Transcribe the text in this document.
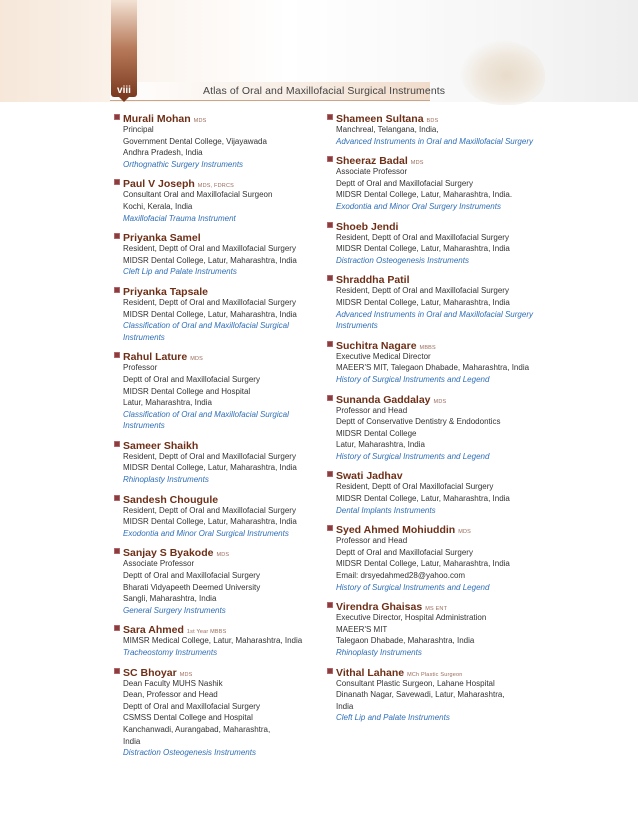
viii	Atlas of Oral and Maxillofacial Surgical Instruments
Murali Mohan MDS
Principal
Government Dental College, Vijayawada
Andhra Pradesh, India
Orthognathic Surgery Instruments
Paul V Joseph MDS, FDRCS
Consultant Oral and Maxillofacial Surgeon
Kochi, Kerala, India
Maxillofacial Trauma Instrument
Priyanka Samel
Resident, Deptt of Oral and Maxillofacial Surgery
MIDSR Dental College, Latur, Maharashtra, India
Cleft Lip and Palate Instruments
Priyanka Tapsale
Resident, Deptt of Oral and Maxillofacial Surgery
MIDSR Dental College, Latur, Maharashtra, India
Classification of Oral and Maxillofacial Surgical Instruments
Rahul Lature MDS
Professor
Deptt of Oral and Maxillofacial Surgery
MIDSR Dental College and Hospital
Latur, Maharashtra, India
Classification of Oral and Maxillofacial Surgical Instruments
Sameer Shaikh
Resident, Deptt of Oral and Maxillofacial Surgery
MIDSR Dental College, Latur, Maharashtra, India
Rhinoplasty Instruments
Sandesh Chougule
Resident, Deptt of Oral and Maxillofacial Surgery
MIDSR Dental College, Latur, Maharashtra, India
Exodontia and Minor Oral Surgical Instruments
Sanjay S Byakode MDS
Associate Professor
Deptt of Oral and Maxillofacial Surgery
Bharati Vidyapeeth Deemed University
Sangli, Maharashtra, India
General Surgery Instruments
Sara Ahmed 1st Year MBBS
MIMSR Medical College, Latur, Maharashtra, India
Tracheostomy Instruments
SC Bhoyar MDS
Dean Faculty MUHS Nashik
Dean, Professor and Head
Deptt of Oral and Maxillofacial Surgery
CSMSS Dental College and Hospital
Kanchanwadi, Aurangabad, Maharashtra,
India
Distraction Osteogenesis Instruments
Shameen Sultana BDS
Manchreal, Telangana, India,
Advanced Instruments in Oral and Maxillofacial Surgery
Sheeraz Badal MDS
Associate Professor
Deptt of Oral and Maxillofacial Surgery
MIDSR Dental College, Latur, Maharashtra, India.
Exodontia and Minor Oral Surgery Instruments
Shoeb Jendi
Resident, Deptt of Oral and Maxillofacial Surgery
MIDSR Dental College, Latur, Maharashtra, India
Distraction Osteogenesis Instruments
Shraddha Patil
Resident, Deptt of Oral and Maxillofacial Surgery
MIDSR Dental College, Latur, Maharashtra, India
Advanced Instruments in Oral and Maxillofacial Surgery Instruments
Suchitra Nagare MBBS
Executive Medical Director
MAEER'S MIT, Talegaon Dhabade, Maharashtra, India
History of Surgical Instruments and Legend
Sunanda Gaddalay MDS
Professor and Head
Deptt of Conservative Dentistry & Endodontics
MIDSR Dental College
Latur, Maharashtra, India
History of Surgical Instruments and Legend
Swati Jadhav
Resident, Deptt of Oral Maxillofacial Surgery
MIDSR Dental College, Latur, Maharashtra, India
Dental Implants Instruments
Syed Ahmed Mohiuddin MDS
Professor and Head
Deptt of Oral and Maxillofacial Surgery
MIDSR Dental College, Latur, Maharashtra, India
Email: drsyedahmed28@yahoo.com
History of Surgical Instruments and Legend
Virendra Ghaisas MS ENT
Executive Director, Hospital Administration
MAEER'S MIT
Talegaon Dhabade, Maharashtra, India
Rhinoplasty Instruments
Vithal Lahane MCh Plastic Surgeon
Consultant Plastic Surgeon, Lahane Hospital
Dinanath Nagar, Savewadi, Latur, Maharashtra,
India
Cleft Lip and Palate Instruments
